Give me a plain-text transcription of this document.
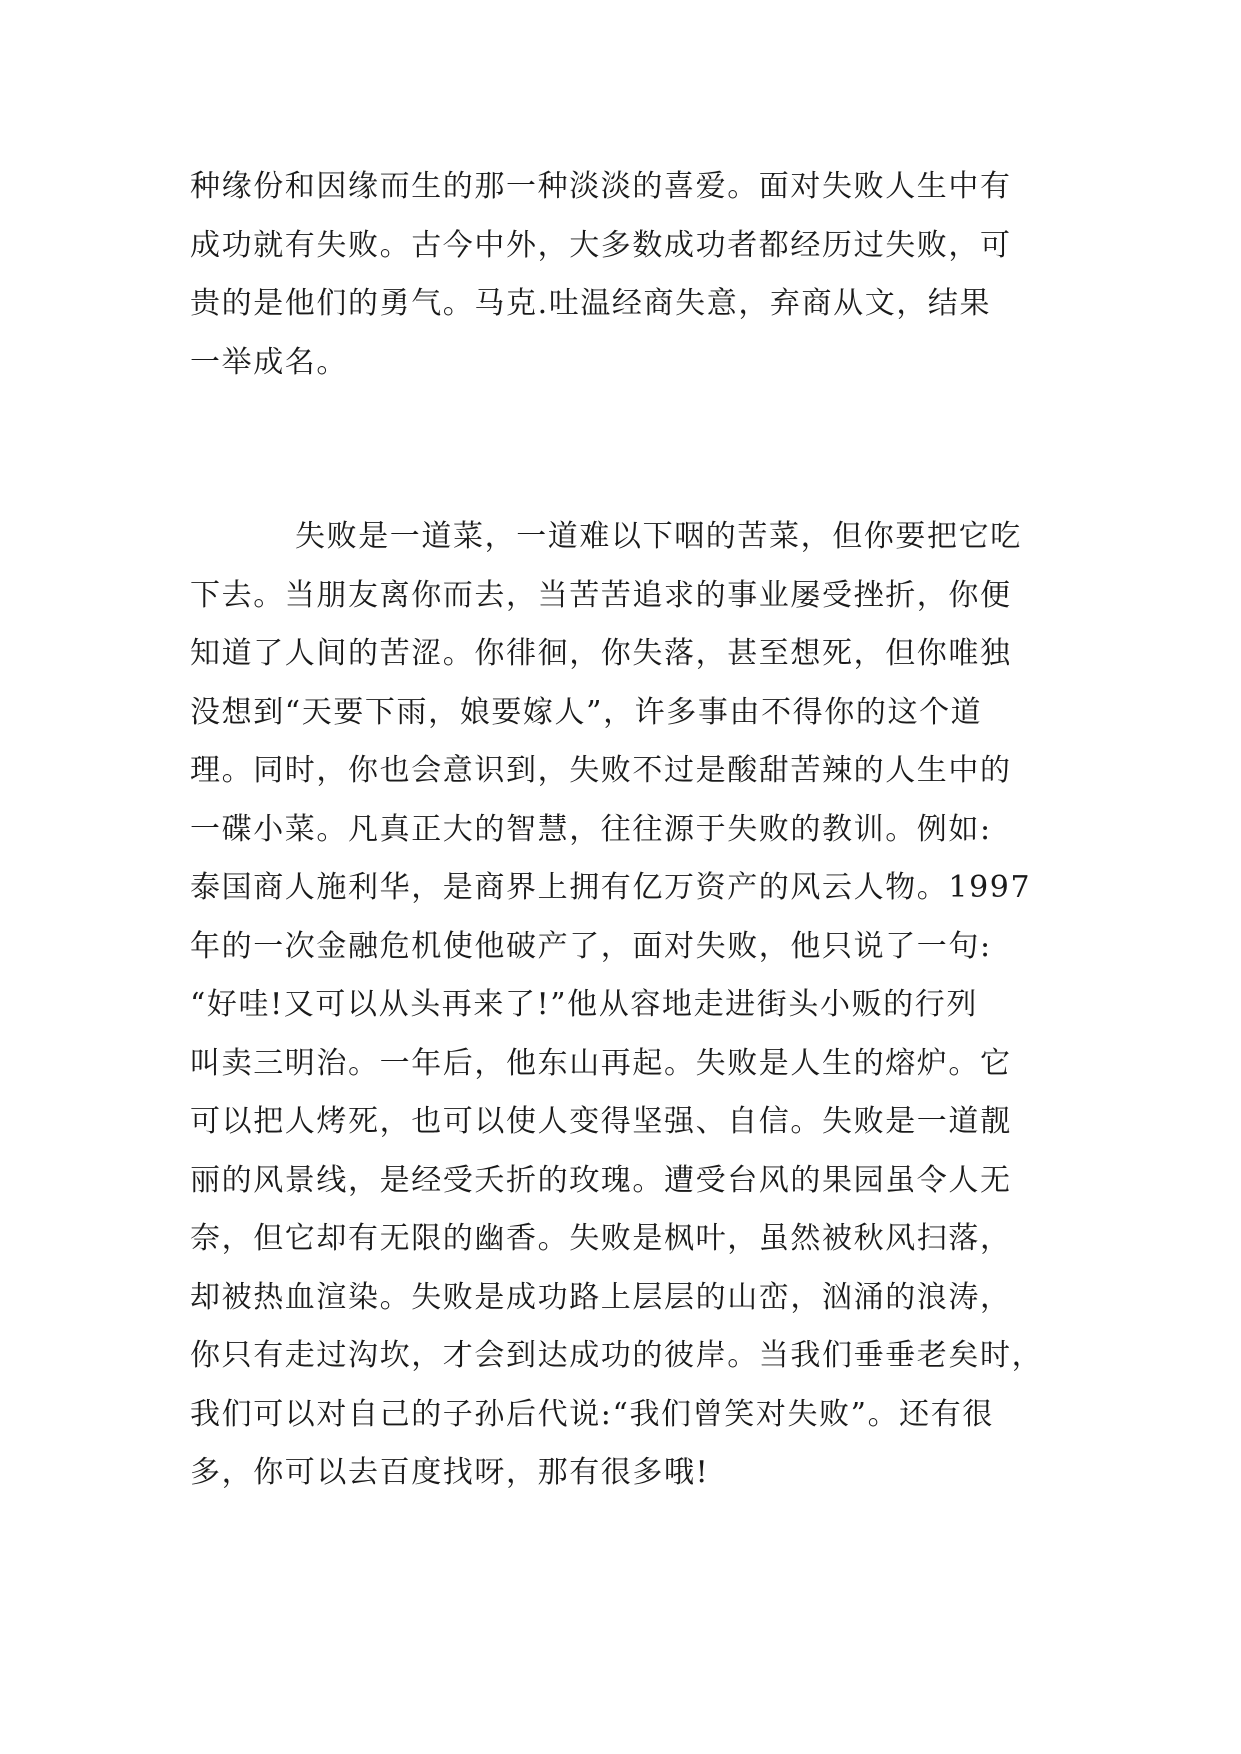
种缘份和因缘而生的那一种淡淡的喜爱。面对失败人生中有
成功就有失败。古今中外，大多数成功者都经历过失败，可
贵的是他们的勇气。马克.吐温经商失意，弃商从文，结果
一举成名。
失败是一道菜，一道难以下咽的苦菜，但你要把它吃
下去。当朋友离你而去，当苦苦追求的事业屡受挫折，你便
知道了人间的苦涩。你徘徊，你失落，甚至想死，但你唯独
没想到“天要下雨，娘要嫁人”，许多事由不得你的这个道
理。同时，你也会意识到，失败不过是酸甜苦辣的人生中的
一碟小菜。凡真正大的智慧，往往源于失败的教训。例如:
泰国商人施利华，是商界上拥有亿万资产的风云人物。1997
年的一次金融危机使他破产了，面对失败，他只说了一句:
“好哇!又可以从头再来了!”他从容地走进街头小贩的行列
叫卖三明治。一年后，他东山再起。失败是人生的熔炉。它
可以把人烤死，也可以使人变得坚强、自信。失败是一道靓
丽的风景线，是经受夭折的玫瑰。遭受台风的果园虽令人无
奈，但它却有无限的幽香。失败是枫叶，虽然被秋风扫落，
却被热血渲染。失败是成功路上层层的山峦，汹涌的浪涛，
你只有走过沟坎，才会到达成功的彼岸。当我们垂垂老矣时，
我们可以对自己的子孙后代说:“我们曾笑对失败”。还有很
多，你可以去百度找呀，那有很多哦!
